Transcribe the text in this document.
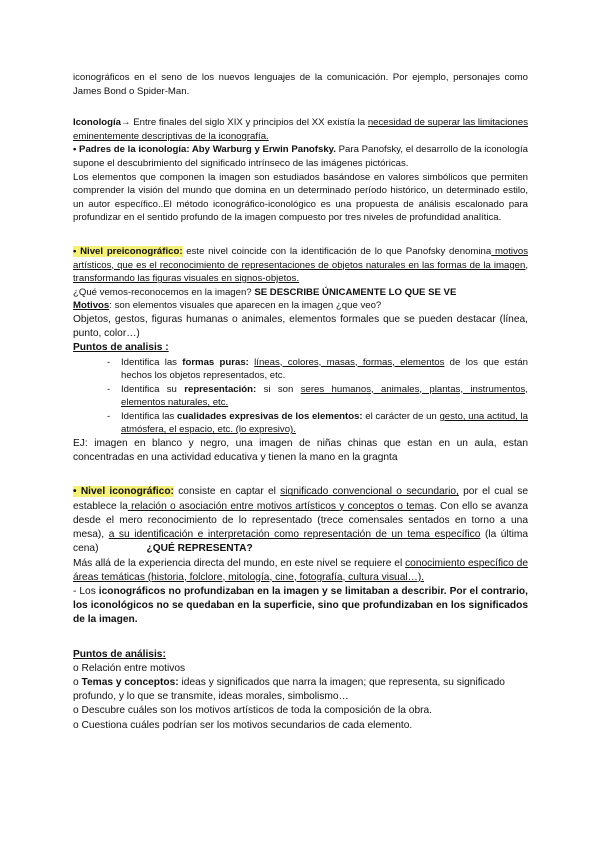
iconográficos en el seno de los nuevos lenguajes de la comunicación. Por ejemplo, personajes como James Bond o Spider-Man.

Iconología→ Entre finales del siglo XIX y principios del XX existía la necesidad de superar las limitaciones eminentemente descriptivas de la iconografía.

• Padres de la iconología: Aby Warburg y Erwin Panofsky. Para Panofsky, el desarrollo de la iconología supone el descubrimiento del significado intrínseco de las imágenes pictóricas.

Los elementos que componen la imagen son estudiados basándose en valores simbólicos que permiten comprender la visión del mundo que domina en un determinado período histórico, un determinado estilo, un autor específico..El método iconográfico-iconológico es una propuesta de análisis escalonado para profundizar en el sentido profundo de la imagen compuesto por tres niveles de profundidad analítica.

• Nivel preiconográfico: este nivel coincide con la identificación de lo que Panofsky denomina motivos artísticos, que es el reconocimiento de representaciones de objetos naturales en las formas de la imagen, transformando las figuras visuales en signos-objetos.

¿Qué vemos-reconocemos en la imagen? SE DESCRIBE ÚNICAMENTE LO QUE SE VE

Motivos: son elementos visuales que aparecen en la imagen ¿que veo?

Objetos, gestos, figuras humanas o animales, elementos formales que se pueden destacar (línea, punto, color…)

Puntos de analisis :

- Identifica las formas puras: líneas, colores, masas, formas, elementos de los que están hechos los objetos representados, etc.
- Identifica su representación: si son seres humanos, animales, plantas, instrumentos, elementos naturales, etc.
- Identifica las cualidades expresivas de los elementos: el carácter de un gesto, una actitud, la atmósfera, el espacio, etc. (lo expresivo).

EJ: imagen en blanco y negro, una imagen de niñas chinas que estan en un aula, estan concentradas en una actividad educativa y tienen la mano en la gragnta

• Nivel iconográfico: consiste en captar el significado convencional o secundario, por el cual se establece la relación o asociación entre motivos artísticos y conceptos o temas. Con ello se avanza desde el mero reconocimiento de lo representado (trece comensales sentados en torno a una mesa), a su identificación e interpretación como representación de un tema específico (la última cena)	¿QUÉ REPRESENTA?

Más allá de la experiencia directa del mundo, en este nivel se requiere el conocimiento específico de áreas temáticas (historia, folclore, mitología, cine, fotografía, cultura visual…).

- Los iconográficos no profundizaban en la imagen y se limitaban a describir. Por el contrario, los iconológicos no se quedaban en la superficie, sino que profundizaban en los significados de la imagen.

Puntos de análisis:

o Relación entre motivos

o Temas y conceptos: ideas y significados que narra la imagen; que representa, su significado profundo, y lo que se transmite, ideas morales, simbolismo…

o Descubre cuáles son los motivos artísticos de toda la composición de la obra.

o Cuestiona cuáles podrían ser los motivos secundarios de cada elemento.
